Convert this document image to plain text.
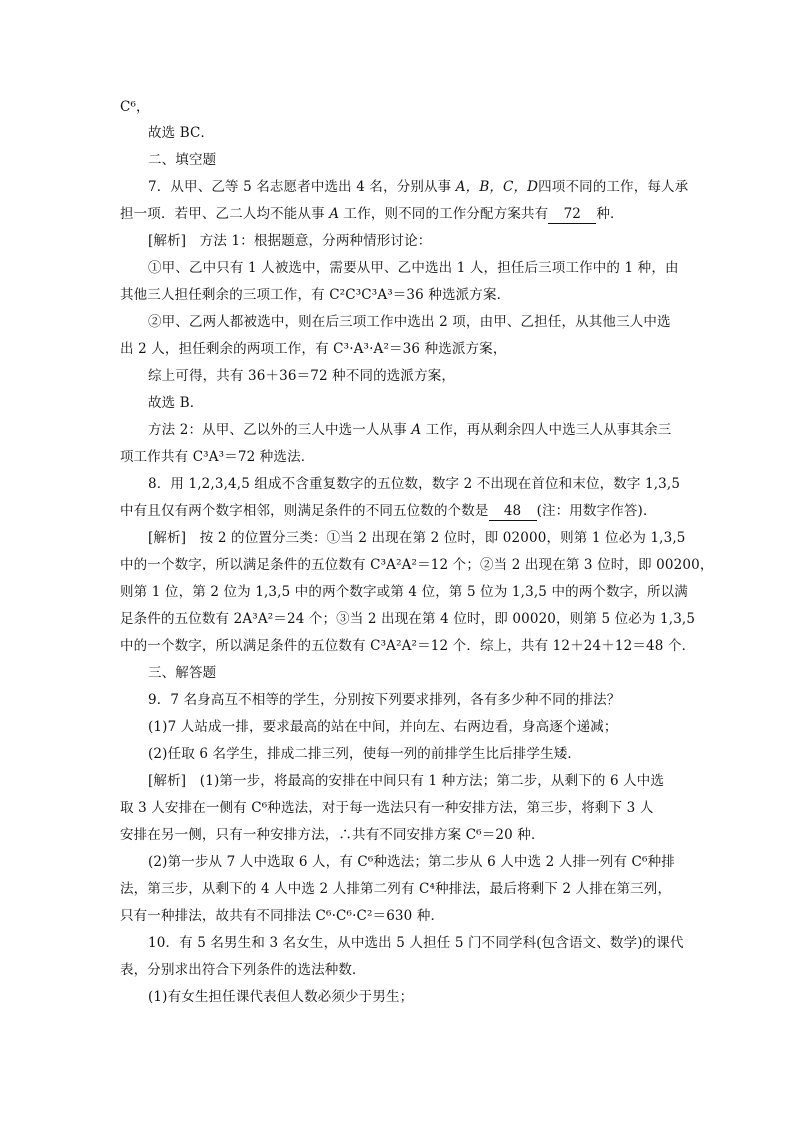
C⁶，
故选 BC．
二、填空题
7．从甲、乙等 5 名志愿者中选出 4 名，分别从事 A，B，C，D四项不同的工作，每人承
担一项．若甲、乙二人均不能从事 A 工作，则不同的工作分配方案共有 72 种．
[解析]　方法 1：根据题意，分两种情形讨论：
①甲、乙中只有 1 人被选中，需要从甲、乙中选出 1 人，担任后三项工作中的 1 种，由
其他三人担任剩余的三项工作，有 C²C³C³A³＝36 种选派方案．
②甲、乙两人都被选中，则在后三项工作中选出 2 项，由甲、乙担任，从其他三人中选
出 2 人，担任剩余的两项工作，有 C³·A³·A²＝36 种选派方案，
综上可得，共有 36＋36＝72 种不同的选派方案，
故选 B．
方法 2：从甲、乙以外的三人中选一人从事 A 工作，再从剩余四人中选三人从事其余三
项工作共有 C³A³＝72 种选法．
8．用 1,2,3,4,5 组成不含重复数字的五位数，数字 2 不出现在首位和末位，数字 1,3,5
中有且仅有两个数字相邻，则满足条件的不同五位数的个数是 48 (注：用数字作答)．
[解析]　按 2 的位置分三类：①当 2 出现在第 2 位时，即 02000，则第 1 位必为 1,3,5
中的一个数字，所以满足条件的五位数有 C³A²A²＝12 个；②当 2 出现在第 3 位时，即 00200，
则第 1 位，第 2 位为 1,3,5 中的两个数字或第 4 位，第 5 位为 1,3,5 中的两个数字，所以满
足条件的五位数有 2A³A²＝24 个；③当 2 出现在第 4 位时，即 00020，则第 5 位必为 1,3,5
中的一个数字，所以满足条件的五位数有 C³A²A²＝12 个．综上，共有 12＋24＋12＝48 个．
三、解答题
9．7 名身高互不相等的学生，分别按下列要求排列，各有多少种不同的排法？
(1)7 人站成一排，要求最高的站在中间，并向左、右两边看，身高逐个递减；
(2)任取 6 名学生，排成二排三列，使每一列的前排学生比后排学生矮．
[解析]　(1)第一步，将最高的安排在中间只有 1 种方法；第二步，从剩下的 6 人中选
取 3 人安排在一侧有 C⁶种选法，对于每一选法只有一种安排方法，第三步，将剩下 3 人
安排在另一侧，只有一种安排方法，∴共有不同安排方案 C⁶＝20 种．
(2)第一步从 7 人中选取 6 人，有 C⁶种选法；第二步从 6 人中选 2 人排一列有 C⁶种排
法，第三步，从剩下的 4 人中选 2 人排第二列有 C⁴种排法，最后将剩下 2 人排在第三列，
只有一种排法，故共有不同排法 C⁶·C⁶·C²＝630 种．
10．有 5 名男生和 3 名女生，从中选出 5 人担任 5 门不同学科(包含语文、数学)的课代
表，分别求出符合下列条件的选法种数．
(1)有女生担任课代表但人数必须少于男生；
